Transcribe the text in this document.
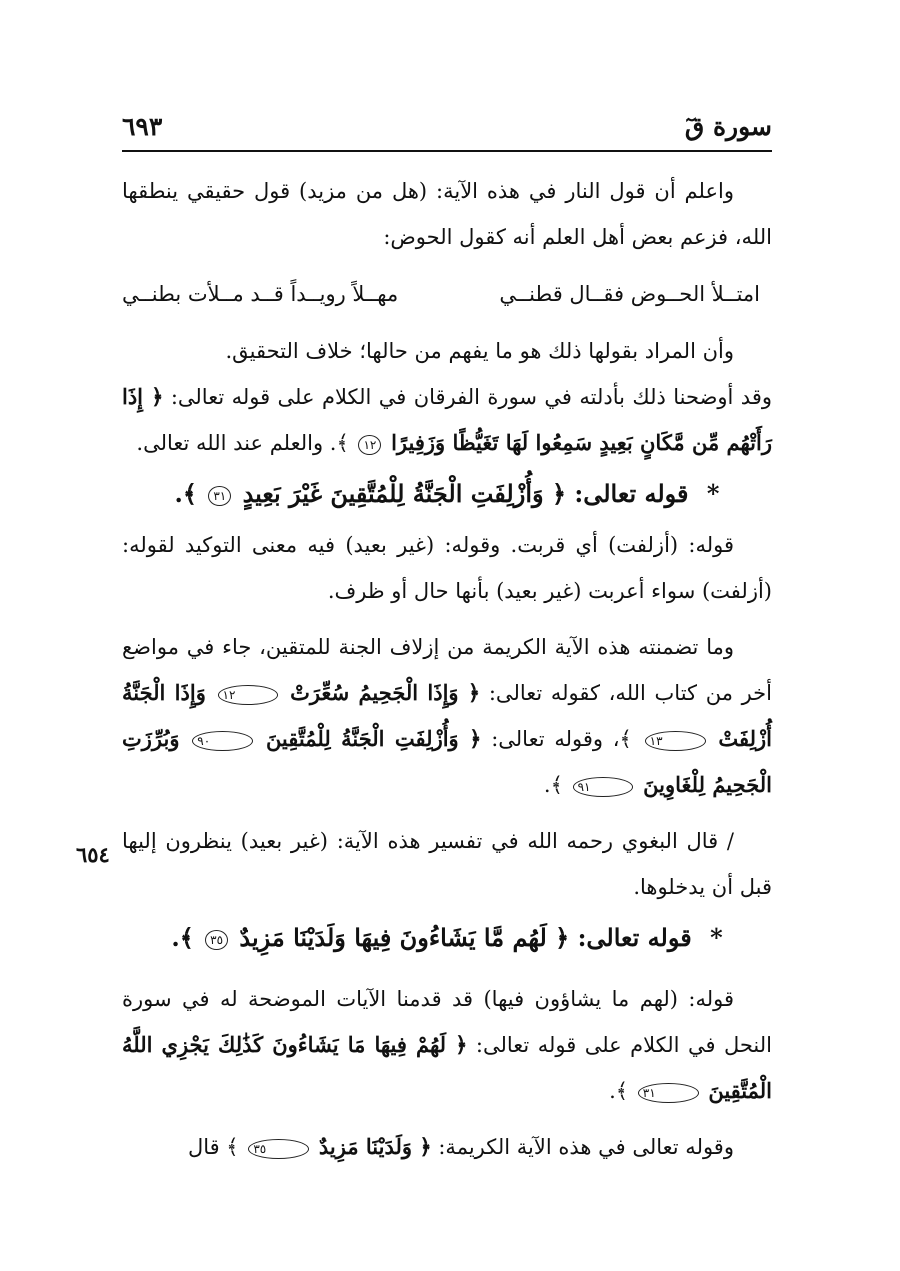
سورة قٓ
٦٩٣

واعلم أن قول النار في هذه الآية: (هل من مزيد) قول حقيقي ينطقها الله، فزعم بعض أهل العلم أنه كقول الحوض:

امتــلأ الحــوض فقــال قطنــي
مهــلاً رويــداً قــد مــلأت بطنــي

وأن المراد بقولها ذلك هو ما يفهم من حالها؛ خلاف التحقيق.

وقد أوضحنا ذلك بأدلته في سورة الفرقان في الكلام على قوله تعالى: ﴿ إِذَا رَأَتْهُم مِّن مَّكَانٍ بَعِيدٍ سَمِعُوا لَهَا تَغَيُّظًا وَزَفِيرًا ١٢ ﴾. والعلم عند الله تعالى.

* قوله تعالى: ﴿ وَأُزْلِفَتِ الْجَنَّةُ لِلْمُتَّقِينَ غَيْرَ بَعِيدٍ ٣١ ﴾.

قوله: (أزلفت) أي قربت. وقوله: (غير بعيد) فيه معنى التوكيد لقوله: (أزلفت) سواء أعربت (غير بعيد) بأنها حال أو ظرف.

وما تضمنته هذه الآية الكريمة من إزلاف الجنة للمتقين، جاء في مواضع أخر من كتاب الله، كقوله تعالى: ﴿ وَإِذَا الْجَحِيمُ سُعِّرَتْ ١٢ وَإِذَا الْجَنَّةُ أُزْلِفَتْ ١٣ ﴾، وقوله تعالى: ﴿ وَأُزْلِفَتِ الْجَنَّةُ لِلْمُتَّقِينَ ٩٠ وَبُرِّزَتِ الْجَحِيمُ لِلْغَاوِينَ ٩١ ﴾.

/ قال البغوي رحمه الله في تفسير هذه الآية: (غير بعيد) ينظرون إليها قبل أن يدخلوها.

* قوله تعالى: ﴿ لَهُم مَّا يَشَاءُونَ فِيهَا وَلَدَيْنَا مَزِيدٌ ٣٥ ﴾.

قوله: (لهم ما يشاؤون فيها) قد قدمنا الآيات الموضحة له في سورة النحل في الكلام على قوله تعالى: ﴿ لَهُمْ فِيهَا مَا يَشَاءُونَ كَذَٰلِكَ يَجْزِي اللَّهُ الْمُتَّقِينَ ٣١ ﴾.

وقوله تعالى في هذه الآية الكريمة: ﴿ وَلَدَيْنَا مَزِيدٌ ٣٥ ﴾ قال

٦٥٤
